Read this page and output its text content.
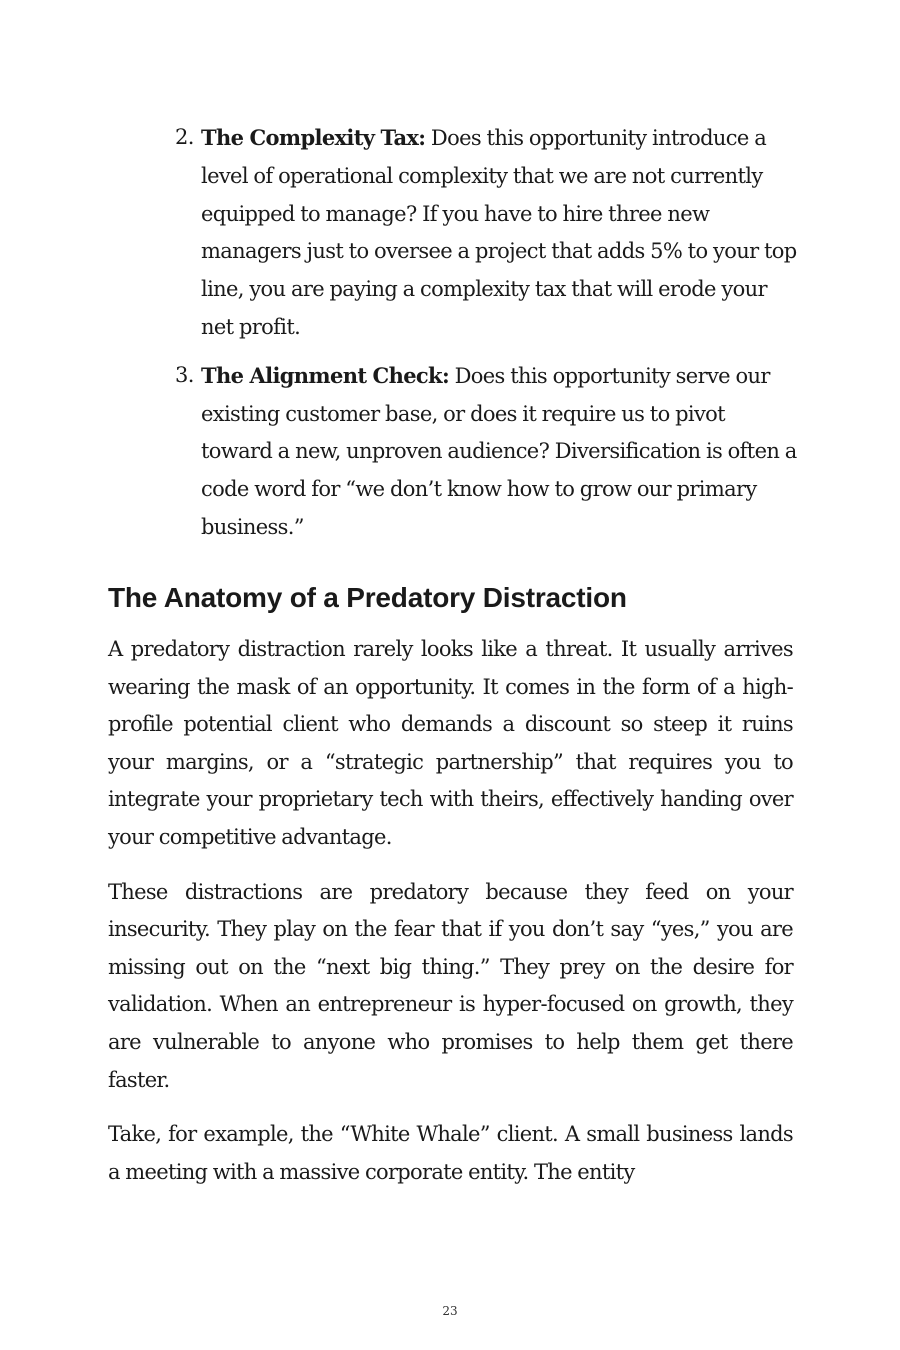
2. The Complexity Tax: Does this opportunity introduce a level of operational complexity that we are not currently equipped to manage? If you have to hire three new managers just to oversee a project that adds 5% to your top line, you are paying a complexity tax that will erode your net profit.
3. The Alignment Check: Does this opportunity serve our existing customer base, or does it require us to pivot toward a new, unproven audience? Diversification is often a code word for “we don’t know how to grow our primary business.”
The Anatomy of a Predatory Distraction

A predatory distraction rarely looks like a threat. It usually arrives wearing the mask of an opportunity. It comes in the form of a high-profile potential client who demands a discount so steep it ruins your margins, or a “strategic partnership” that requires you to integrate your proprietary tech with theirs, effectively handing over your competitive advantage.

These distractions are predatory because they feed on your insecurity. They play on the fear that if you don’t say “yes,” you are missing out on the “next big thing.” They prey on the desire for validation. When an entrepreneur is hyper-focused on growth, they are vulnerable to anyone who promises to help them get there faster.

Take, for example, the “White Whale” client. A small business lands a meeting with a massive corporate entity. The entity

23
